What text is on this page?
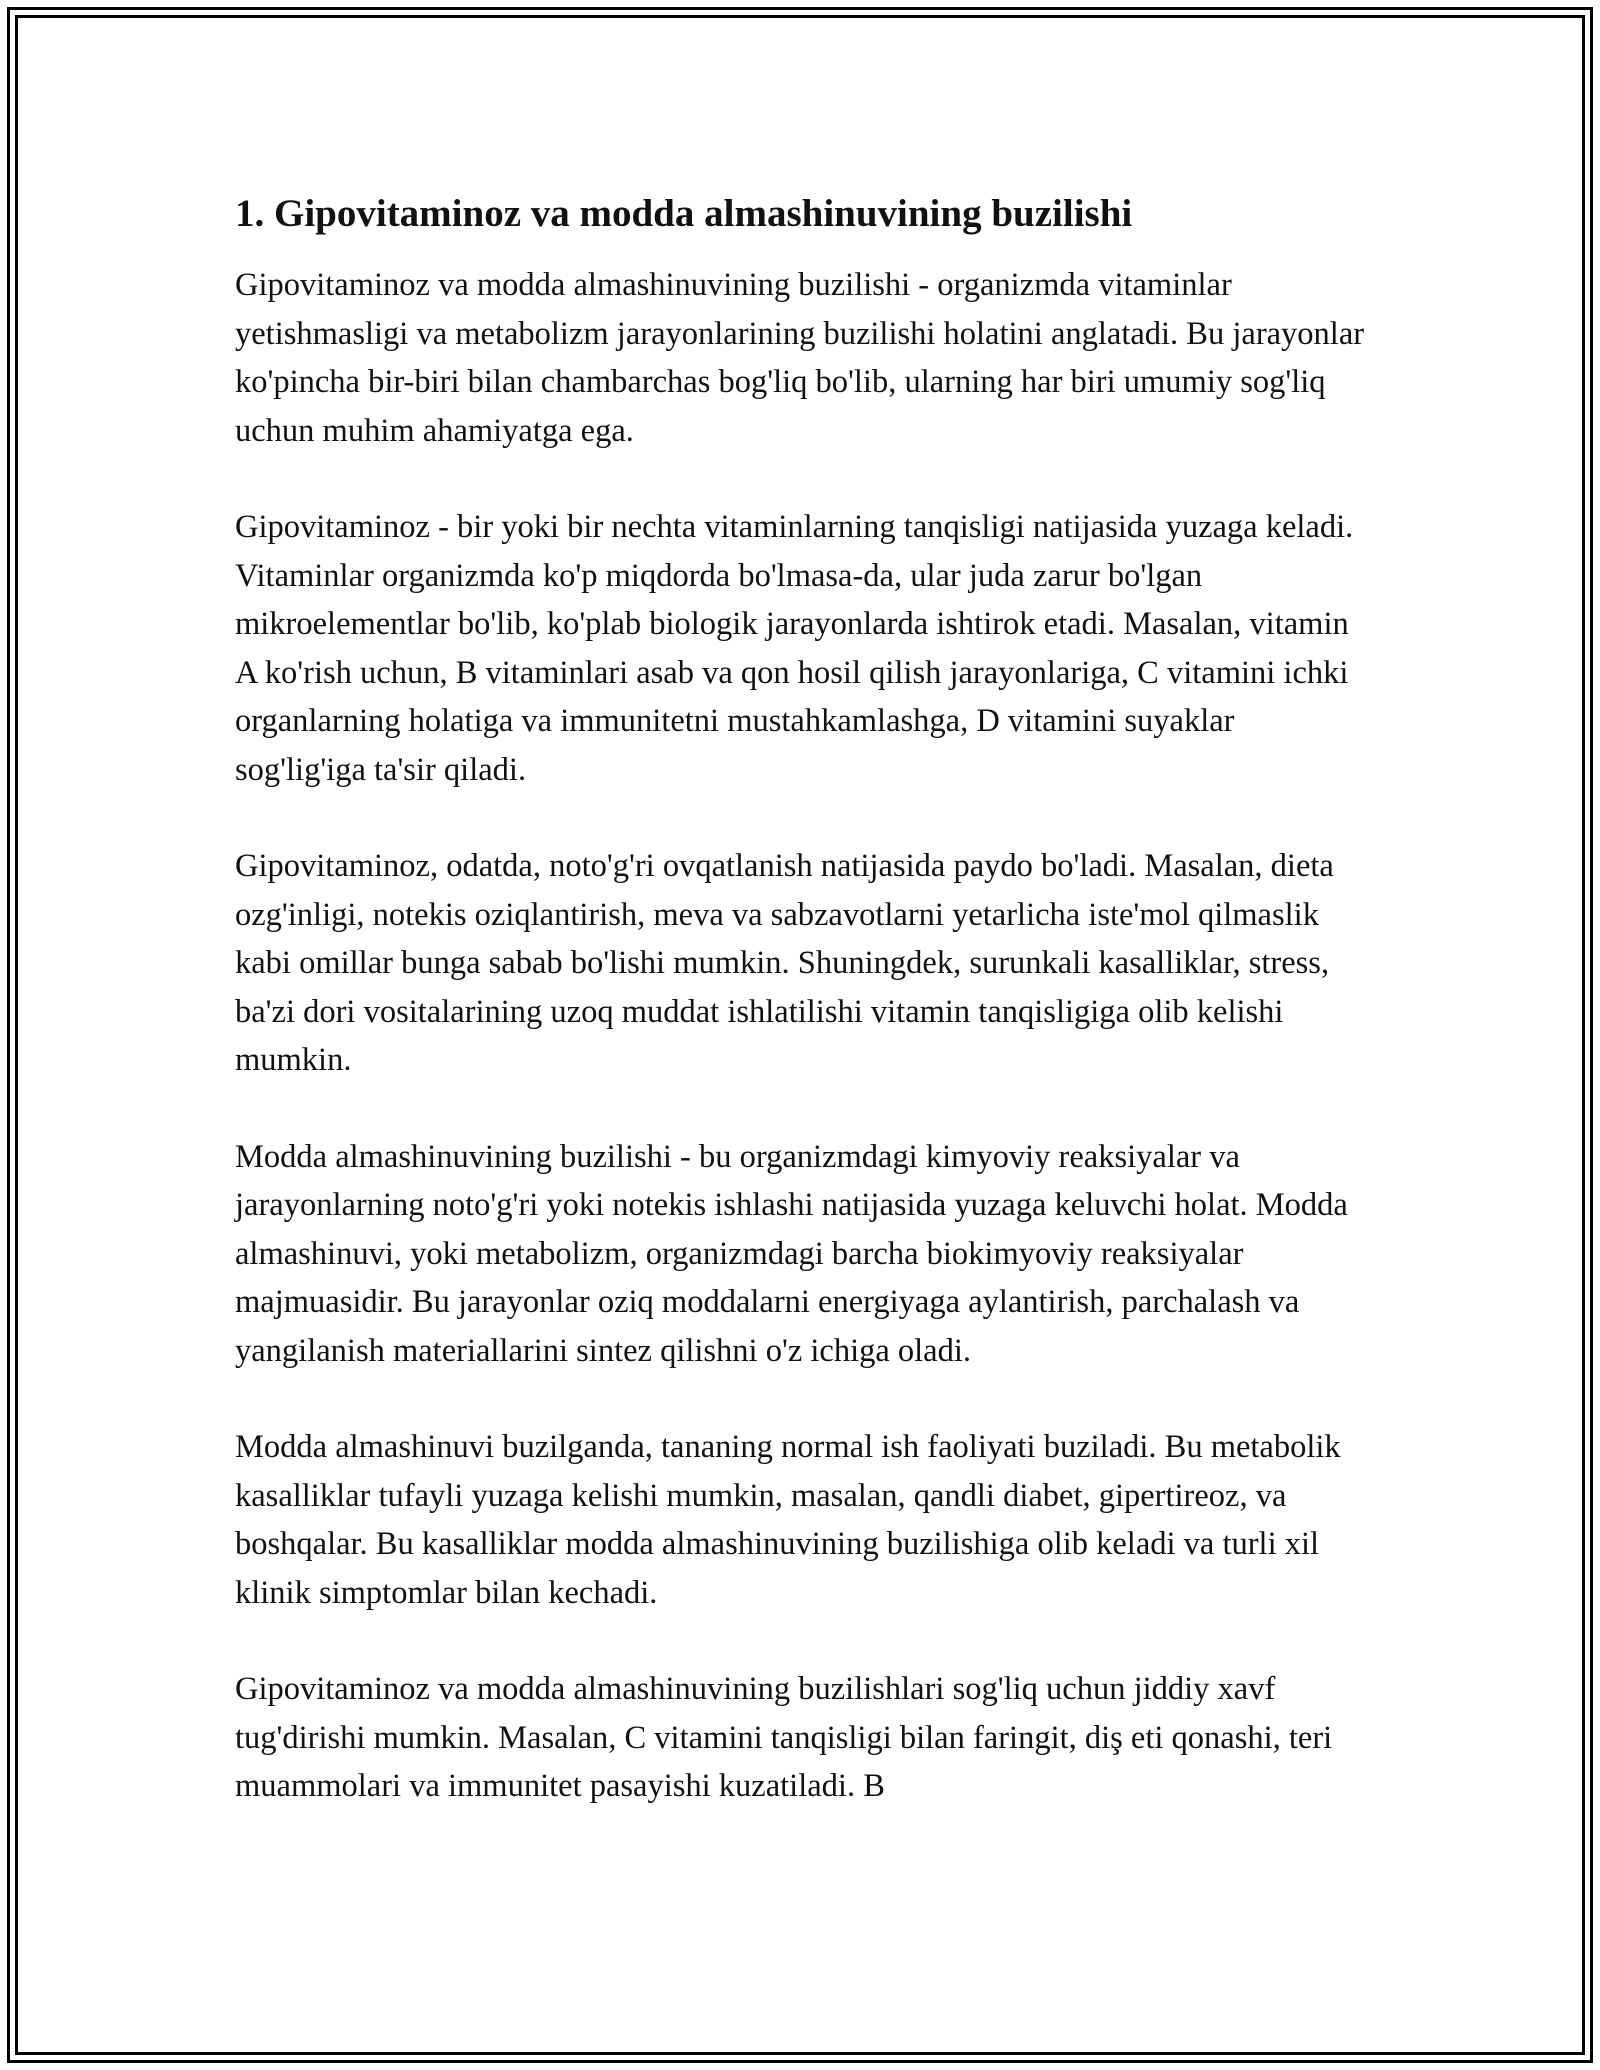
1. Gipovitaminoz va modda almashinuvining buzilishi

Gipovitaminoz va modda almashinuvining buzilishi - organizmda vitaminlar yetishmasligi va metabolizm jarayonlarining buzilishi holatini anglatadi. Bu jarayonlar ko'pincha bir-biri bilan chambarchas bog'liq bo'lib, ularning har biri umumiy sog'liq uchun muhim ahamiyatga ega.

Gipovitaminoz - bir yoki bir nechta vitaminlarning tanqisligi natijasida yuzaga keladi. Vitaminlar organizmda ko'p miqdorda bo'lmasa-da, ular juda zarur bo'lgan mikroelementlar bo'lib, ko'plab biologik jarayonlarda ishtirok etadi. Masalan, vitamin A ko'rish uchun, B vitaminlari asab va qon hosil qilish jarayonlariga, C vitamini ichki organlarning holatiga va immunitetni mustahkamlashga, D vitamini suyaklar sog'lig'iga ta'sir qiladi.

Gipovitaminoz, odatda, noto'g'ri ovqatlanish natijasida paydo bo'ladi. Masalan, dieta ozg'inligi, notekis oziqlantirish, meva va sabzavotlarni yetarlicha iste'mol qilmaslik kabi omillar bunga sabab bo'lishi mumkin. Shuningdek, surunkali kasalliklar, stress, ba'zi dori vositalarining uzoq muddat ishlatilishi vitamin tanqisligiga olib kelishi mumkin.

Modda almashinuvining buzilishi - bu organizmdagi kimyoviy reaksiyalar va jarayonlarning noto'g'ri yoki notekis ishlashi natijasida yuzaga keluvchi holat. Modda almashinuvi, yoki metabolizm, organizmdagi barcha biokimyoviy reaksiyalar majmuasidir. Bu jarayonlar oziq moddalarni energiyaga aylantirish, parchalash va yangilanish materiallarini sintez qilishni o'z ichiga oladi.

Modda almashinuvi buzilganda, tananing normal ish faoliyati buziladi. Bu metabolik kasalliklar tufayli yuzaga kelishi mumkin, masalan, qandli diabet, gipertireoz, va boshqalar. Bu kasalliklar modda almashinuvining buzilishiga olib keladi va turli xil klinik simptomlar bilan kechadi.

Gipovitaminoz va modda almashinuvining buzilishlari sog'liq uchun jiddiy xavf tug'dirishi mumkin. Masalan, C vitamini tanqisligi bilan faringit, diş eti qonashi, teri muammolari va immunitet pasayishi kuzatiladi. B
